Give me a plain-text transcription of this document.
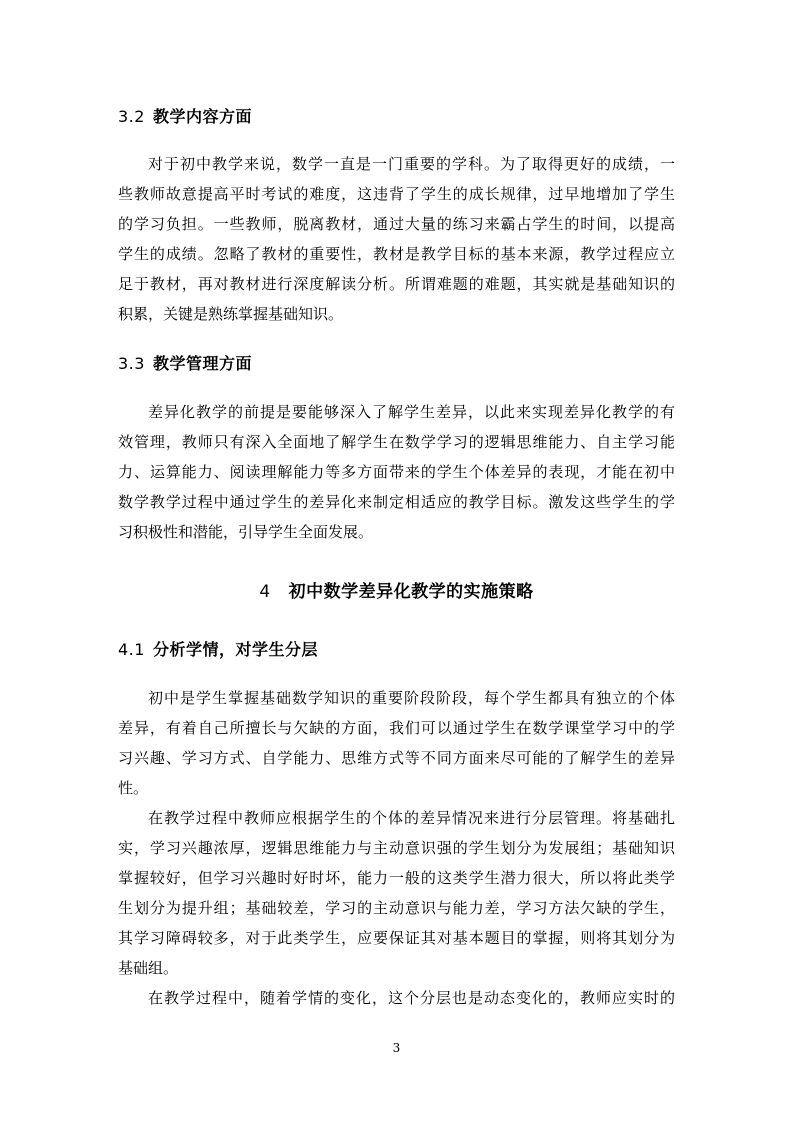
3.2 教学内容方面
对于初中教学来说，数学一直是一门重要的学科。为了取得更好的成绩，一
些教师故意提高平时考试的难度，这违背了学生的成长规律，过早地增加了学生
的学习负担。一些教师，脱离教材，通过大量的练习来霸占学生的时间，以提高
学生的成绩。忽略了教材的重要性，教材是教学目标的基本来源，教学过程应立
足于教材，再对教材进行深度解读分析。所谓难题的难题，其实就是基础知识的
积累，关键是熟练掌握基础知识。
3.3 教学管理方面
差异化教学的前提是要能够深入了解学生差异，以此来实现差异化教学的有
效管理，教师只有深入全面地了解学生在数学学习的逻辑思维能力、自主学习能
力、运算能力、阅读理解能力等多方面带来的学生个体差异的表现，才能在初中
数学教学过程中通过学生的差异化来制定相适应的教学目标。激发这些学生的学
习积极性和潜能，引导学生全面发展。
4 初中数学差异化教学的实施策略
4.1 分析学情，对学生分层
初中是学生掌握基础数学知识的重要阶段阶段，每个学生都具有独立的个体
差异，有着自己所擅长与欠缺的方面，我们可以通过学生在数学课堂学习中的学
习兴趣、学习方式、自学能力、思维方式等不同方面来尽可能的了解学生的差异
性。
在教学过程中教师应根据学生的个体的差异情况来进行分层管理。将基础扎
实，学习兴趣浓厚，逻辑思维能力与主动意识强的学生划分为发展组；基础知识
掌握较好，但学习兴趣时好时坏，能力一般的这类学生潜力很大，所以将此类学
生划分为提升组；基础较差，学习的主动意识与能力差，学习方法欠缺的学生，
其学习障碍较多，对于此类学生，应要保证其对基本题目的掌握，则将其划分为
基础组。
在教学过程中，随着学情的变化，这个分层也是动态变化的，教师应实时的
3
